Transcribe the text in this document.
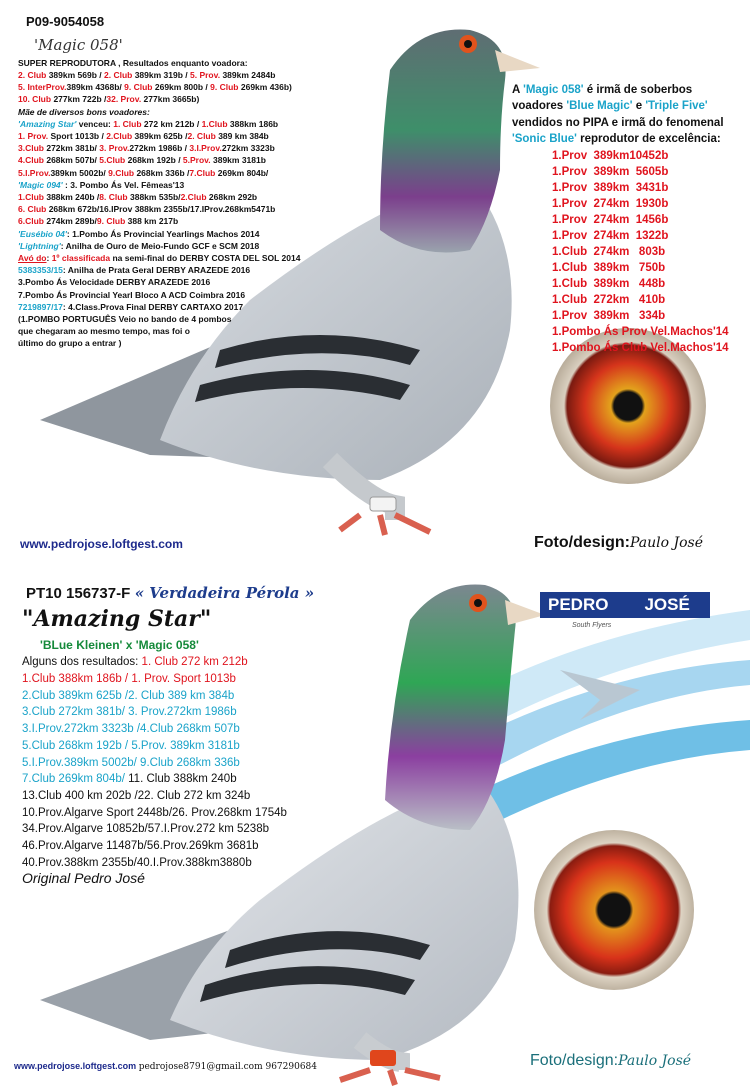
P09-9054058
'Magic 058'
SUPER REPRODUTORA , Resultados enquanto voadora:
2. Club 389km 569b / 2. Club 389km 319b / 5. Prov. 389km 2484b
5. InterProv.389km 4368b/ 9. Club 269km 800b / 9. Club 269km 436b)
10. Club 277km 722b /32. Prov. 277km 3665b)
Mãe de diversos bons voadores:
'Amazing Star' venceu: 1. Club 272 km 212b / 1.Club 388km 186b
1. Prov. Sport 1013b / 2.Club 389km 625b /2. Club 389 km 384b
3.Club 272km 381b/ 3. Prov.272km 1986b / 3.I.Prov.272km 3323b
4.Club 268km 507b/ 5.Club 268km 192b / 5.Prov. 389km 3181b
5.I.Prov.389km 5002b/ 9.Club 268km 336b /7.Club 269km 804b/
'Magic 094' : 3. Pombo Ás Vel. Fêmeas'13
1.Club 388km 240b /8. Club 388km 535b/2.Club 268km 292b
6. Club 268km 672b/16.IProv 388km 2355b/17.IProv.268km5471b
6.Club 274km 289b/9. Club 388 km 217b
'Eusébio 04': 1.Pombo Ás Provincial Yearlings Machos 2014
'Lightning': Anilha de Ouro de Meio-Fundo GCF e SCM 2018
Avó do: 1º classificada na semi-final do DERBY COSTA DEL SOL 2014
5383353/15: Anilha de Prata Geral DERBY ARAZEDE 2016
3.Pombo Ás Velocidade DERBY ARAZEDE 2016
7.Pombo Ás Provincial Yearl Bloco A ACD Coimbra 2016
7219897/17: 4.Class.Prova Final DERBY CARTAXO 2017
(1.POMBO PORTUGUÊS Veio no bando de 4 pombos
que chegaram ao mesmo tempo, mas foi o
último do grupo a entrar )
A 'Magic 058' é irmã de soberbos
voadores 'Blue Magic' e 'Triple Five'
vendidos no PIPA e irmã do fenomenal
'Sonic Blue' reprodutor de excelência:
1.Prov  389km10452b
1.Prov  389km  5605b
1.Prov  389km  3431b
1.Prov  274km  1930b
1.Prov  274km  1456b
1.Prov  274km  1322b
1.Club  274km   803b
1.Club  389km   750b
1.Club  389km   448b
1.Club  272km   410b
1.Prov  389km   334b
1.Pombo Ás Prov Vel.Machos'14
1.Pombo Ás Club Vel.Machos'14
www.pedrojose.loftgest.com	Foto/design:Paulo José
PT10 156737-F « Verdadeira Pérola »
"Amazing Star"
'BLue Kleinen' x 'Magic 058'
Alguns dos resultados: 1. Club 272 km 212b
1.Club 388km 186b / 1. Prov. Sport 1013b
2.Club 389km 625b /2. Club 389 km 384b
3.Club 272km 381b/ 3. Prov.272km 1986b
3.I.Prov.272km 3323b /4.Club 268km 507b
5.Club 268km 192b / 5.Prov. 389km 3181b
5.I.Prov.389km 5002b/ 9.Club 268km 336b
7.Club 269km 804b/ 11. Club 388km 240b
13.Club 400 km 202b /22. Club 272 km 324b
10.Prov.Algarve Sport 2448b/26. Prov.268km 1754b
34.Prov.Algarve 10852b/57.I.Prov.272 km 5238b
46.Prov.Algarve 11487b/56.Prov.269km 3681b
40.Prov.388km 2355b/40.I.Prov.388km3880b
Original Pedro José
PEDRO JOSÉ
South Flyers
www.pedrojose.loftgest.com pedrojose8791@gmail.com 967290684	Foto/design:Paulo José
